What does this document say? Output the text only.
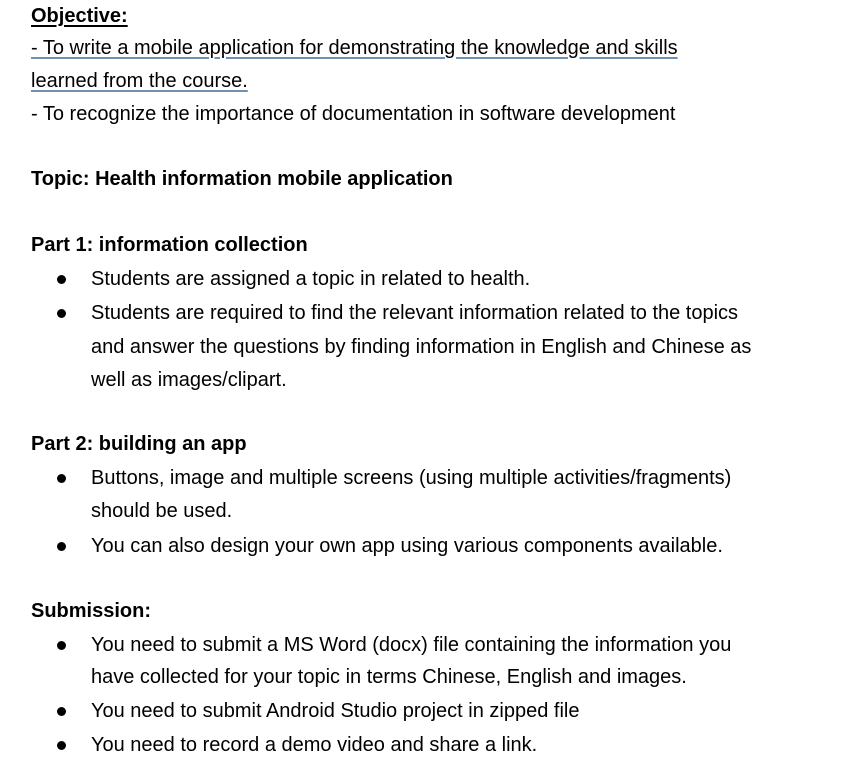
Objective:
- To write a mobile application for demonstrating the knowledge and skills
learned from the course.
- To recognize the importance of documentation in software development
Topic: Health information mobile application
Part 1: information collection
Students are assigned a topic in related to health.
Students are required to find the relevant information related to the topics
and answer the questions by finding information in English and Chinese as
well as images/clipart.
Part 2: building an app
Buttons, image and multiple screens (using multiple activities/fragments)
should be used.
You can also design your own app using various components available.
Submission:
You need to submit a MS Word (docx) file containing the information you
have collected for your topic in terms Chinese, English and images.
You need to submit Android Studio project in zipped file
You need to record a demo video and share a link.
